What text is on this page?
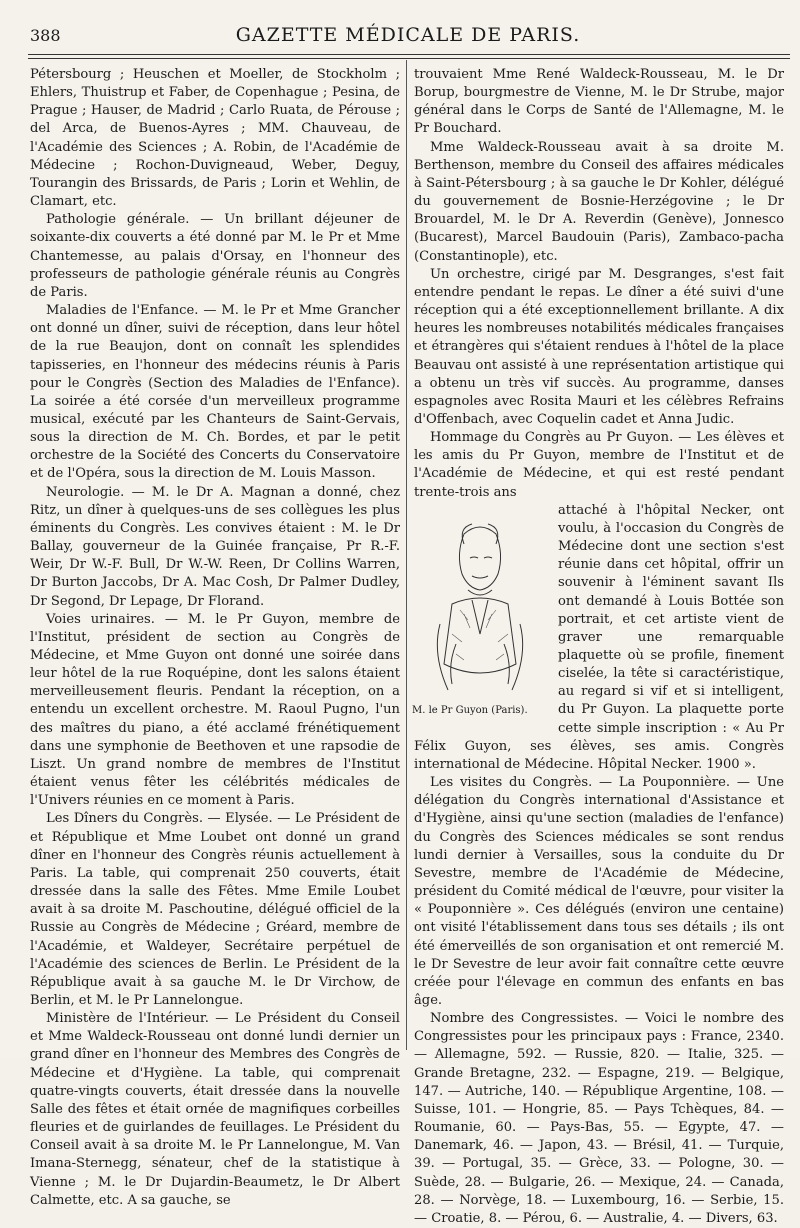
388	GAZETTE MÉDICALE DE PARIS.

Pétersbourg ; Heuschen et Moeller, de Stockholm ; Ehlers, Thuistrup et Faber, de Copenhague ; Pesina, de Prague ; Hauser, de Madrid ; Carlo Ruata, de Pérouse ; del Arca, de Buenos-Ayres ; MM. Chauveau, de l'Académie des Sciences ; A. Robin, de l'Académie de Médecine ; Rochon-Duvigneaud, Weber, Deguy, Tourangin des Brissards, de Paris ; Lorin et Wehlin, de Clamart, etc.

Pathologie générale. — Un brillant déjeuner de soixante-dix couverts a été donné par M. le Pr et Mme Chantemesse, au palais d'Orsay, en l'honneur des professeurs de pathologie générale réunis au Congrès de Paris.

Maladies de l'Enfance. — M. le Pr et Mme Grancher ont donné un dîner, suivi de réception, dans leur hôtel de la rue Beaujon, dont on connaît les splendides tapisseries, en l'honneur des médecins réunis à Paris pour le Congrès (Section des Maladies de l'Enfance). La soirée a été corsée d'un merveilleux programme musical, exécuté par les Chanteurs de Saint-Gervais, sous la direction de M. Ch. Bordes, et par le petit orchestre de la Société des Concerts du Conservatoire et de l'Opéra, sous la direction de M. Louis Masson.

Neurologie. — M. le Dr A. Magnan a donné, chez Ritz, un dîner à quelques-uns de ses collègues les plus éminents du Congrès. Les convives étaient : M. le Dr Ballay, gouverneur de la Guinée française, Pr R.-F. Weir, Dr W.-F. Bull, Dr W.-W. Reen, Dr Collins Warren, Dr Burton Jaccobs, Dr A. Mac Cosh, Dr Palmer Dudley, Dr Segond, Dr Lepage, Dr Florand.

Voies urinaires. — M. le Pr Guyon, membre de l'Institut, président de section au Congrès de Médecine, et Mme Guyon ont donné une soirée dans leur hôtel de la rue Roquépine, dont les salons étaient merveilleusement fleuris. Pendant la réception, on a entendu un excellent orchestre. M. Raoul Pugno, l'un des maîtres du piano, a été acclamé frénétiquement dans une symphonie de Beethoven et une rapsodie de Liszt. Un grand nombre de membres de l'Institut étaient venus fêter les célébrités médicales de l'Univers réunies en ce moment à Paris.

Les Dîners du Congrès. — Elysée. — Le Président de et République et Mme Loubet ont donné un grand dîner en l'honneur des Congrès réunis actuellement à Paris. La table, qui comprenait 250 couverts, était dressée dans la salle des Fêtes. Mme Emile Loubet avait à sa droite M. Paschoutine, délégué officiel de la Russie au Congrès de Médecine ; Gréard, membre de l'Académie, et Waldeyer, Secrétaire perpétuel de l'Académie des sciences de Berlin. Le Président de la République avait à sa gauche M. le Dr Virchow, de Berlin, et M. le Pr Lannelongue.

Ministère de l'Intérieur. — Le Président du Conseil et Mme Waldeck-Rousseau ont donné lundi dernier un grand dîner en l'honneur des Membres des Congrès de Médecine et d'Hygiène. La table, qui comprenait quatre-vingts couverts, était dressée dans la nouvelle Salle des fêtes et était ornée de magnifiques corbeilles fleuries et de guirlandes de feuillages. Le Président du Conseil avait à sa droite M. le Pr Lannelongue, M. Van Imana-Sternegg, sénateur, chef de la statistique à Vienne ; M. le Dr Dujardin-Beaumetz, le Dr Albert Calmette, etc. A sa gauche, se

trouvaient Mme René Waldeck-Rousseau, M. le Dr Borup, bourgmestre de Vienne, M. le Dr Strube, major général dans le Corps de Santé de l'Allemagne, M. le Pr Bouchard.

Mme Waldeck-Rousseau avait à sa droite M. Berthenson, membre du Conseil des affaires médicales à Saint-Pétersbourg ; à sa gauche le Dr Kohler, délégué du gouvernement de Bosnie-Herzégovine ; le Dr Brouardel, M. le Dr A. Reverdin (Genève), Jonnesco (Bucarest), Marcel Baudouin (Paris), Zambaco-pacha (Constantinople), etc.

Un orchestre, cirigé par M. Desgranges, s'est fait entendre pendant le repas. Le dîner a été suivi d'une réception qui a été exceptionnellement brillante. A dix heures les nombreuses notabilités médicales françaises et étrangères qui s'étaient rendues à l'hôtel de la place Beauvau ont assisté à une représentation artistique qui a obtenu un très vif succès. Au programme, danses espagnoles avec Rosita Mauri et les célèbres Refrains d'Offenbach, avec Coquelin cadet et Anna Judic.

Hommage du Congrès au Pr Guyon. — Les élèves et les amis du Pr Guyon, membre de l'Institut et de l'Académie de Médecine, et qui est resté pendant trente-trois ans

M. le Pr Guyon (Paris).

attaché à l'hôpital Necker, ont voulu, à l'occasion du Congrès de Médecine dont une section s'est réunie dans cet hôpital, offrir un souvenir à l'éminent savant Ils ont demandé à Louis Bottée son portrait, et cet artiste vient de graver une remarquable plaquette où se profile, finement ciselée, la tête si caractéristique, au regard si vif et si intelligent, du Pr Guyon. La plaquette porte cette simple inscription : « Au Pr Félix Guyon, ses élèves, ses amis. Congrès international de Médecine. Hôpital Necker. 1900 ».

Les visites du Congrès. — La Pouponnière. — Une délégation du Congrès international d'Assistance et d'Hygiène, ainsi qu'une section (maladies de l'enfance) du Congrès des Sciences médicales se sont rendus lundi dernier à Versailles, sous la conduite du Dr Sevestre, membre de l'Académie de Médecine, président du Comité médical de l'œuvre, pour visiter la « Pouponnière ». Ces délégués (environ une centaine) ont visité l'établissement dans tous ses détails ; ils ont été émerveillés de son organisation et ont remercié M. le Dr Sevestre de leur avoir fait connaître cette œuvre créée pour l'élevage en commun des enfants en bas âge.

Nombre des Congressistes. — Voici le nombre des Congressistes pour les principaux pays : France, 2340. — Allemagne, 592. — Russie, 820. — Italie, 325. — Grande Bretagne, 232. — Espagne, 219. — Belgique, 147. — Autriche, 140. — République Argentine, 108. — Suisse, 101. — Hongrie, 85. — Pays Tchèques, 84. — Roumanie, 60. — Pays-Bas, 55. — Egypte, 47. — Danemark, 46. — Japon, 43. — Brésil, 41. — Turquie, 39. — Portugal, 35. — Grèce, 33. — Pologne, 30. — Suède, 28. — Bulgarie, 26. — Mexique, 24. — Canada, 28. — Norvège, 18. — Luxembourg, 16. — Serbie, 15. — Croatie, 8. — Pérou, 6. — Australie, 4. — Divers, 63.
